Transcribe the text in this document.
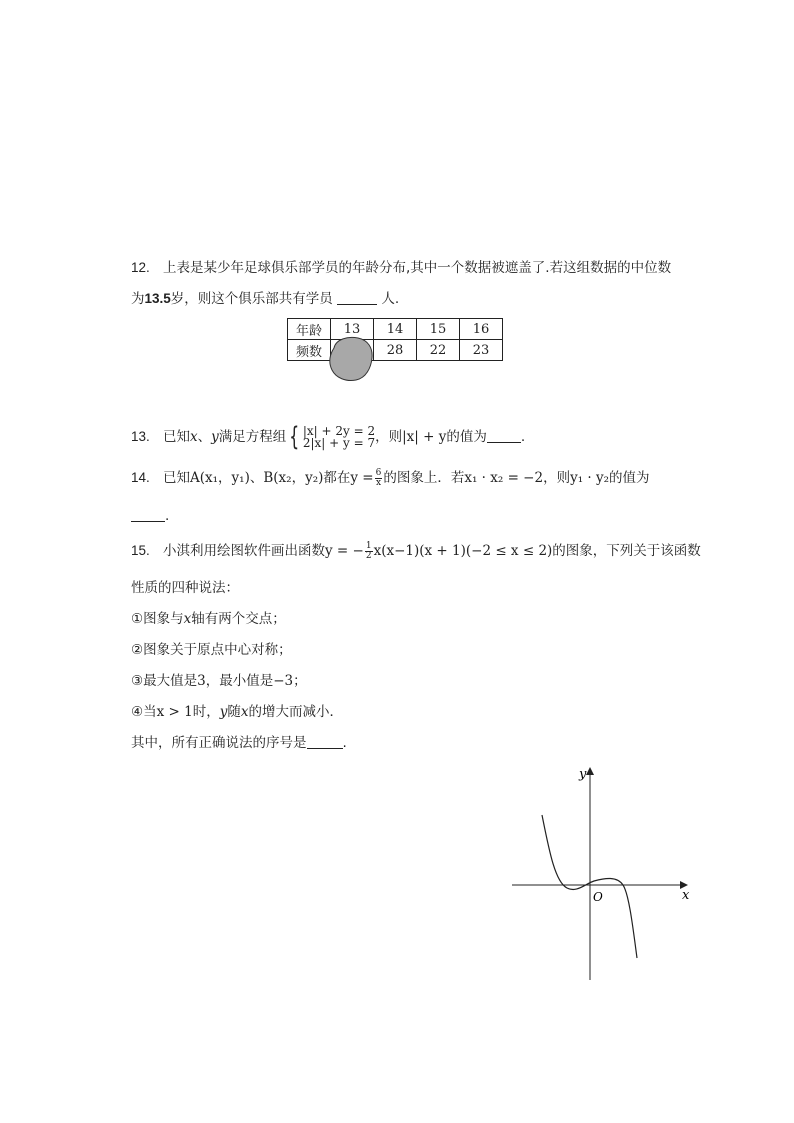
12. 上表是某少年足球俱乐部学员的年龄分布,其中一个数据被遮盖了.若这组数据的中位数
为13.5岁，则这个俱乐部共有学员	人.
年龄	13	14	15	16
频数		28	22	23
13. 已知x、y满足方程组 { |x| + 2y = 2
2|x| + y = 7 ，则|x| + y的值为	.
14. 已知A(x₁，y₁)、B(x₂，y₂)都在$y = \frac{6}{x}$ 的图象上．若x₁ · x₂ = −2，则y₁ · y₂的值为
.
15. 小淇利用绘图软件画出函数y = − $\frac{1}{2} x(x-1)(x + 1)(-2 \le x \le 2)$的图象，下列关于该函数
性质的四种说法：
①图象与x轴有两个交点；
②图象关于原点中心对称；
③最大值是3，最小值是−3；
④当x > 1时，y随x的增大而减小．
其中，所有正确说法的序号是	.
y
x
O
